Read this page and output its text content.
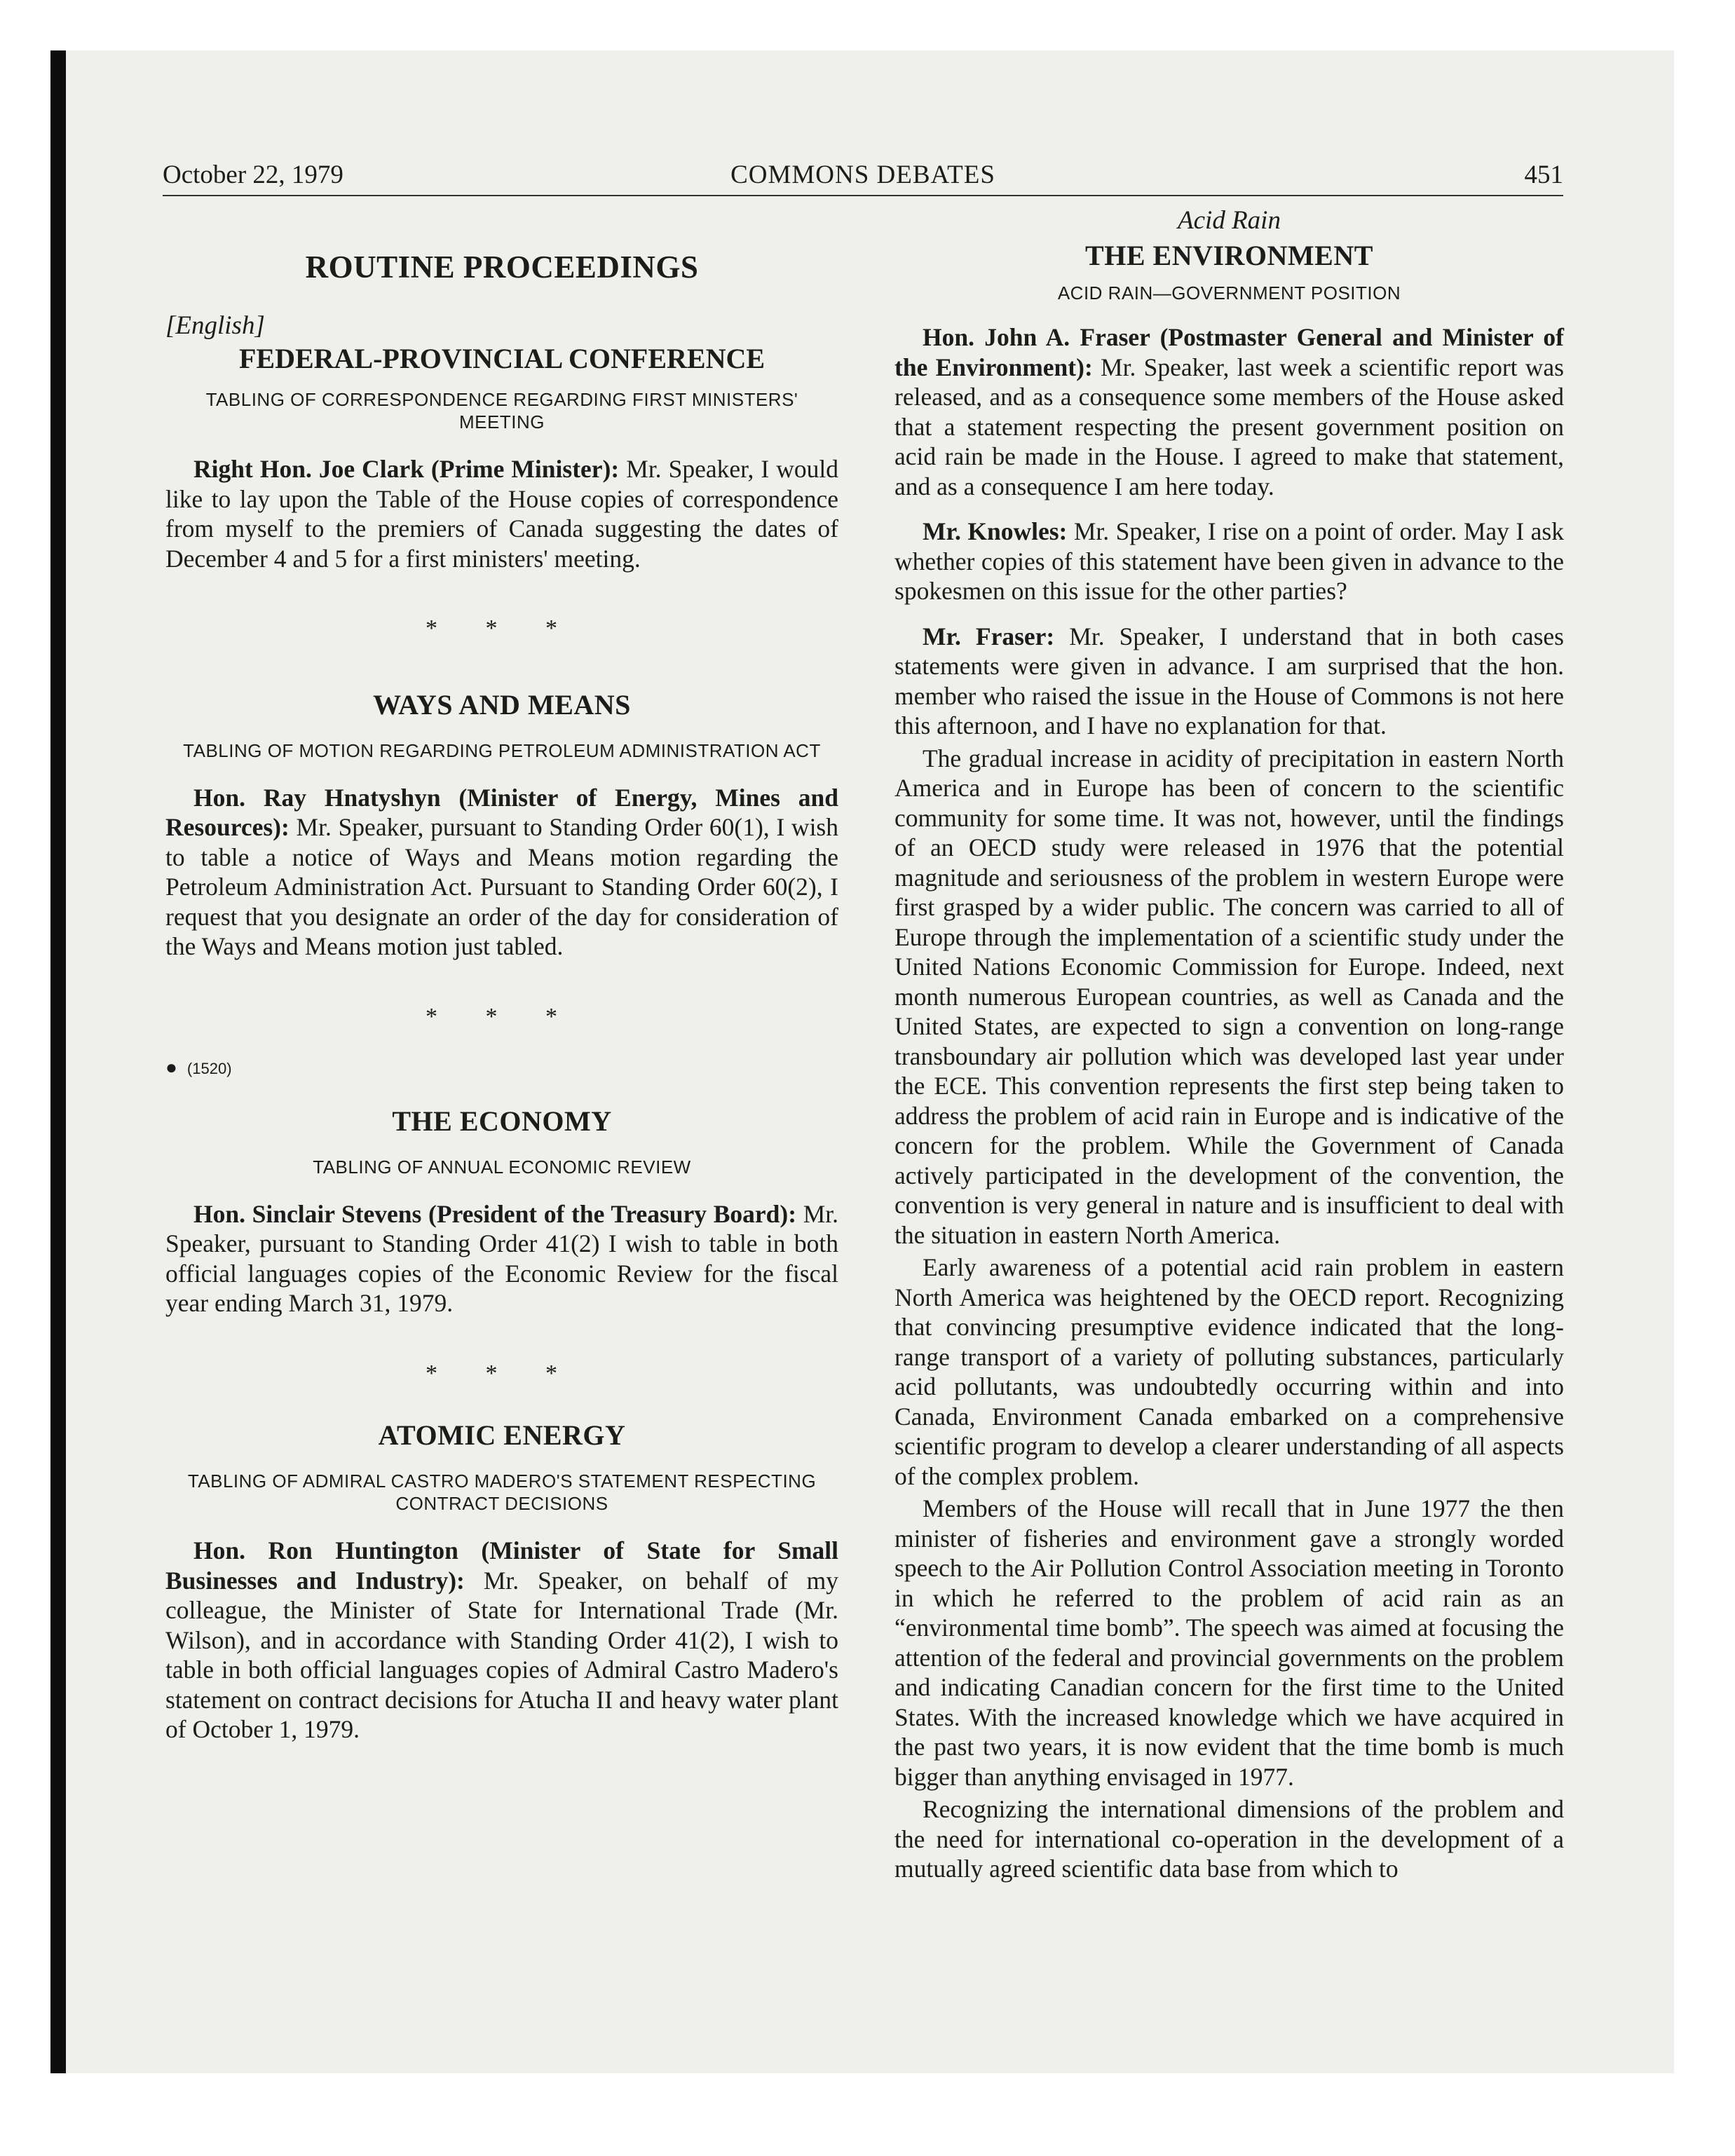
October 22, 1979	COMMONS DEBATES	451
ROUTINE PROCEEDINGS

[English]

FEDERAL-PROVINCIAL CONFERENCE

TABLING OF CORRESPONDENCE REGARDING FIRST MINISTERS' MEETING

Right Hon. Joe Clark (Prime Minister): Mr. Speaker, I would like to lay upon the Table of the House copies of correspondence from myself to the premiers of Canada suggesting the dates of December 4 and 5 for a first ministers' meeting.

* * *

WAYS AND MEANS

TABLING OF MOTION REGARDING PETROLEUM ADMINISTRATION ACT

Hon. Ray Hnatyshyn (Minister of Energy, Mines and Resources): Mr. Speaker, pursuant to Standing Order 60(1), I wish to table a notice of Ways and Means motion regarding the Petroleum Administration Act. Pursuant to Standing Order 60(2), I request that you designate an order of the day for consideration of the Ways and Means motion just tabled.

* * *

● (1520)

THE ECONOMY

TABLING OF ANNUAL ECONOMIC REVIEW

Hon. Sinclair Stevens (President of the Treasury Board): Mr. Speaker, pursuant to Standing Order 41(2) I wish to table in both official languages copies of the Economic Review for the fiscal year ending March 31, 1979.

* * *

ATOMIC ENERGY

TABLING OF ADMIRAL CASTRO MADERO'S STATEMENT RESPECTING CONTRACT DECISIONS

Hon. Ron Huntington (Minister of State for Small Businesses and Industry): Mr. Speaker, on behalf of my colleague, the Minister of State for International Trade (Mr. Wilson), and in accordance with Standing Order 41(2), I wish to table in both official languages copies of Admiral Castro Madero's statement on contract decisions for Atucha II and heavy water plant of October 1, 1979.

Acid Rain

THE ENVIRONMENT

ACID RAIN—GOVERNMENT POSITION

Hon. John A. Fraser (Postmaster General and Minister of the Environment): Mr. Speaker, last week a scientific report was released, and as a consequence some members of the House asked that a statement respecting the present government position on acid rain be made in the House. I agreed to make that statement, and as a consequence I am here today.

Mr. Knowles: Mr. Speaker, I rise on a point of order. May I ask whether copies of this statement have been given in advance to the spokesmen on this issue for the other parties?

Mr. Fraser: Mr. Speaker, I understand that in both cases statements were given in advance. I am surprised that the hon. member who raised the issue in the House of Commons is not here this afternoon, and I have no explanation for that.

The gradual increase in acidity of precipitation in eastern North America and in Europe has been of concern to the scientific community for some time. It was not, however, until the findings of an OECD study were released in 1976 that the potential magnitude and seriousness of the problem in western Europe were first grasped by a wider public. The concern was carried to all of Europe through the implementation of a scientific study under the United Nations Economic Commission for Europe. Indeed, next month numerous European countries, as well as Canada and the United States, are expected to sign a convention on long-range transboundary air pollution which was developed last year under the ECE. This convention represents the first step being taken to address the problem of acid rain in Europe and is indicative of the concern for the problem. While the Government of Canada actively participated in the development of the convention, the convention is very general in nature and is insufficient to deal with the situation in eastern North America.

Early awareness of a potential acid rain problem in eastern North America was heightened by the OECD report. Recognizing that convincing presumptive evidence indicated that the long-range transport of a variety of polluting substances, particularly acid pollutants, was undoubtedly occurring within and into Canada, Environment Canada embarked on a comprehensive scientific program to develop a clearer understanding of all aspects of the complex problem.

Members of the House will recall that in June 1977 the then minister of fisheries and environment gave a strongly worded speech to the Air Pollution Control Association meeting in Toronto in which he referred to the problem of acid rain as an “environmental time bomb”. The speech was aimed at focusing the attention of the federal and provincial governments on the problem and indicating Canadian concern for the first time to the United States. With the increased knowledge which we have acquired in the past two years, it is now evident that the time bomb is much bigger than anything envisaged in 1977.

Recognizing the international dimensions of the problem and the need for international co-operation in the development of a mutually agreed scientific data base from which to
